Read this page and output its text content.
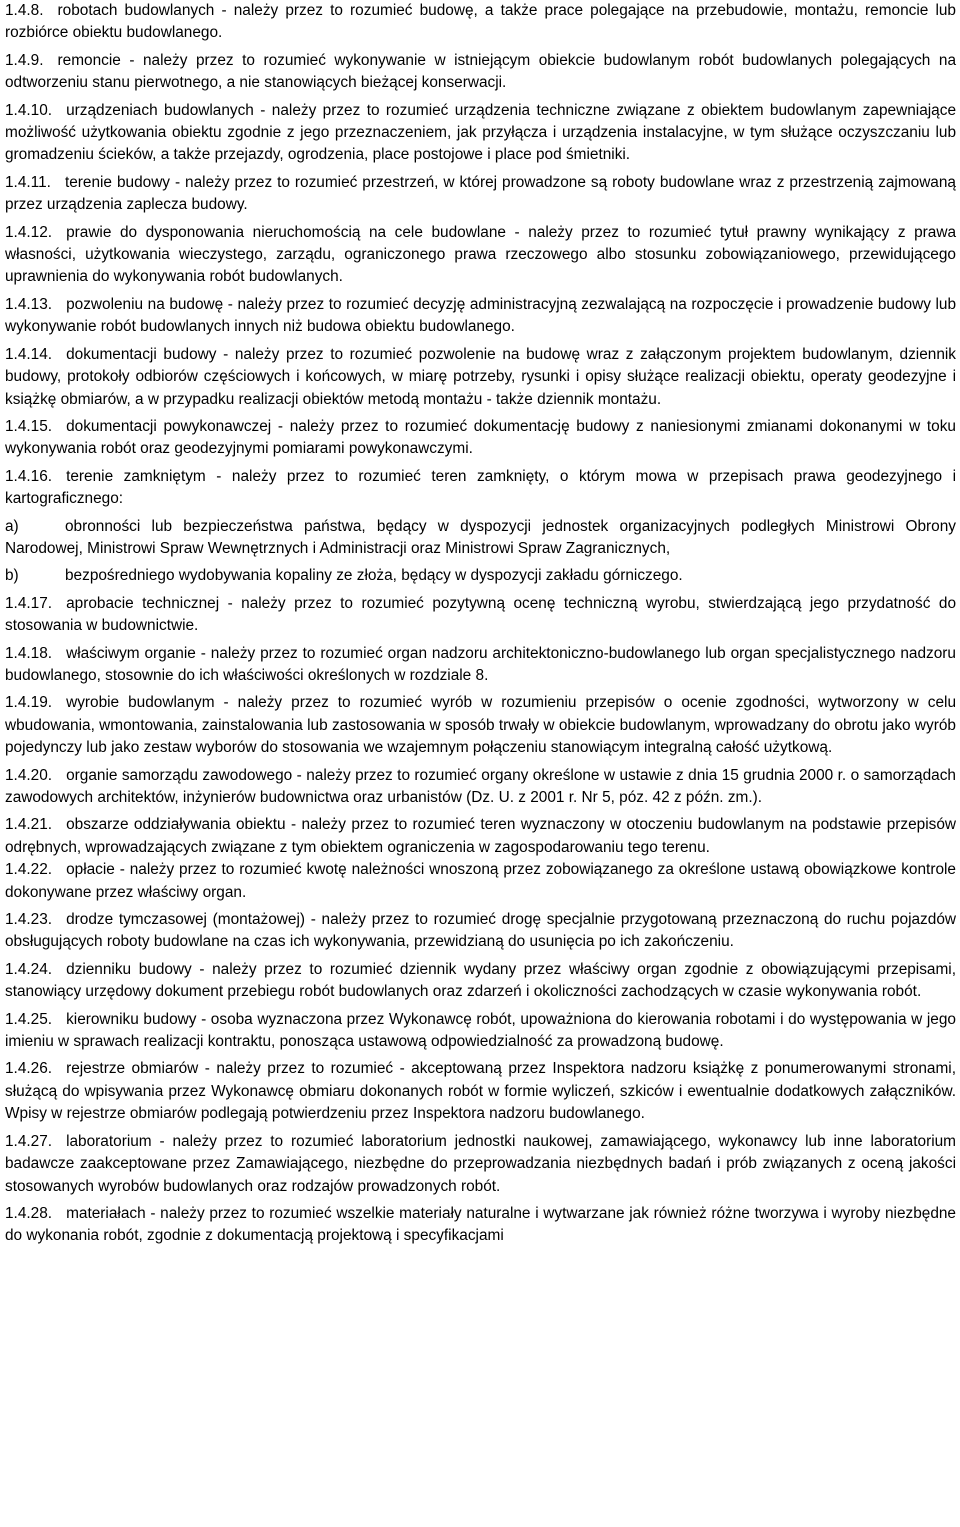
1.4.8. robotach budowlanych - należy przez to rozumieć budowę, a także prace polegające na przebudowie, montażu, remoncie lub rozbiórce obiektu budowlanego.

1.4.9. remoncie - należy przez to rozumieć wykonywanie w istniejącym obiekcie budowlanym robót budowlanych polegających na odtworzeniu stanu pierwotnego, a nie stanowiących bieżącej konserwacji.

1.4.10. urządzeniach budowlanych - należy przez to rozumieć urządzenia techniczne związane z obiektem budowlanym zapewniające możliwość użytkowania obiektu zgodnie z jego przeznaczeniem, jak przyłącza i urządzenia instalacyjne, w tym służące oczyszczaniu lub gromadzeniu ścieków, a także przejazdy, ogrodzenia, place postojowe i place pod śmietniki.

1.4.11. terenie budowy - należy przez to rozumieć przestrzeń, w której prowadzone są roboty budowlane wraz z przestrzenią zajmowaną przez urządzenia zaplecza budowy.

1.4.12. prawie do dysponowania nieruchomością na cele budowlane - należy przez to rozumieć tytuł prawny wynikający z prawa własności, użytkowania wieczystego, zarządu, ograniczonego prawa rzeczowego albo stosunku zobowiązaniowego, przewidującego uprawnienia do wykonywania robót budowlanych.

1.4.13. pozwoleniu na budowę - należy przez to rozumieć decyzję administracyjną zezwalającą na rozpoczęcie i prowadzenie budowy lub wykonywanie robót budowlanych innych niż budowa obiektu budowlanego.

1.4.14. dokumentacji budowy - należy przez to rozumieć pozwolenie na budowę wraz z załączonym projektem budowlanym, dziennik budowy, protokoły odbiorów częściowych i końcowych, w miarę potrzeby, rysunki i opisy służące realizacji obiektu, operaty geodezyjne i książkę obmiarów, a w przypadku realizacji obiektów metodą montażu - także dziennik montażu.

1.4.15. dokumentacji powykonawczej - należy przez to rozumieć dokumentację budowy z naniesionymi zmianami dokonanymi w toku wykonywania robót oraz geodezyjnymi pomiarami powykonawczymi.

1.4.16. terenie zamkniętym - należy przez to rozumieć teren zamknięty, o którym mowa w przepisach prawa geodezyjnego i kartograficznego:

a)	obronności lub bezpieczeństwa państwa, będący w dyspozycji jednostek organizacyjnych podległych Ministrowi Obrony Narodowej, Ministrowi Spraw Wewnętrznych i Administracji oraz Ministrowi Spraw Zagranicznych,

b)	bezpośredniego wydobywania kopaliny ze złoża, będący w dyspozycji zakładu górniczego.

1.4.17. aprobacie technicznej - należy przez to rozumieć pozytywną ocenę techniczną wyrobu, stwierdzającą jego przydatność do stosowania w budownictwie.

1.4.18. właściwym organie - należy przez to rozumieć organ nadzoru architektoniczno-budowlanego lub organ specjalistycznego nadzoru budowlanego, stosownie do ich właściwości określonych w rozdziale 8.

1.4.19. wyrobie budowlanym - należy przez to rozumieć wyrób w rozumieniu przepisów o ocenie zgodności, wytworzony w celu wbudowania, wmontowania, zainstalowania lub zastosowania w sposób trwały w obiekcie budowlanym, wprowadzany do obrotu jako wyrób pojedynczy lub jako zestaw wyborów do stosowania we wzajemnym połączeniu stanowiącym integralną całość użytkową.

1.4.20. organie samorządu zawodowego - należy przez to rozumieć organy określone w ustawie z dnia 15 grudnia 2000 r. o samorządach zawodowych architektów, inżynierów budownictwa oraz urbanistów (Dz. U. z 2001 r. Nr 5, póz. 42 z późn. zm.).

1.4.21. obszarze oddziaływania obiektu - należy przez to rozumieć teren wyznaczony w otoczeniu budowlanym na podstawie przepisów odrębnych, wprowadzających związane z tym obiektem ograniczenia w zagospodarowaniu tego terenu.

1.4.22. opłacie - należy przez to rozumieć kwotę należności wnoszoną przez zobowiązanego za określone ustawą obowiązkowe kontrole dokonywane przez właściwy organ.

1.4.23. drodze tymczasowej (montażowej) - należy przez to rozumieć drogę specjalnie przygotowaną przeznaczoną do ruchu pojazdów obsługujących roboty budowlane na czas ich wykonywania, przewidzianą do usunięcia po ich zakończeniu.

1.4.24. dzienniku budowy - należy przez to rozumieć dziennik wydany przez właściwy organ zgodnie z obowiązującymi przepisami, stanowiący urzędowy dokument przebiegu robót budowlanych oraz zdarzeń i okoliczności zachodzących w czasie wykonywania robót.

1.4.25. kierowniku budowy - osoba wyznaczona przez Wykonawcę robót, upoważniona do kierowania robotami i do występowania w jego imieniu w sprawach realizacji kontraktu, ponosząca ustawową odpowiedzialność za prowadzoną budowę.

1.4.26. rejestrze obmiarów - należy przez to rozumieć - akceptowaną przez Inspektora nadzoru książkę z ponumerowanymi stronami, służącą do wpisywania przez Wykonawcę obmiaru dokonanych robót w formie wyliczeń, szkiców i ewentualnie dodatkowych załączników. Wpisy w rejestrze obmiarów podlegają potwierdzeniu przez Inspektora nadzoru budowlanego.

1.4.27. laboratorium - należy przez to rozumieć laboratorium jednostki naukowej, zamawiającego, wykonawcy lub inne laboratorium badawcze zaakceptowane przez Zamawiającego, niezbędne do przeprowadzania niezbędnych badań i prób związanych z oceną jakości stosowanych wyrobów budowlanych oraz rodzajów prowadzonych robót.

1.4.28. materiałach - należy przez to rozumieć wszelkie materiały naturalne i wytwarzane jak również różne tworzywa i wyroby niezbędne do wykonania robót, zgodnie z dokumentacją projektową i specyfikacjami
